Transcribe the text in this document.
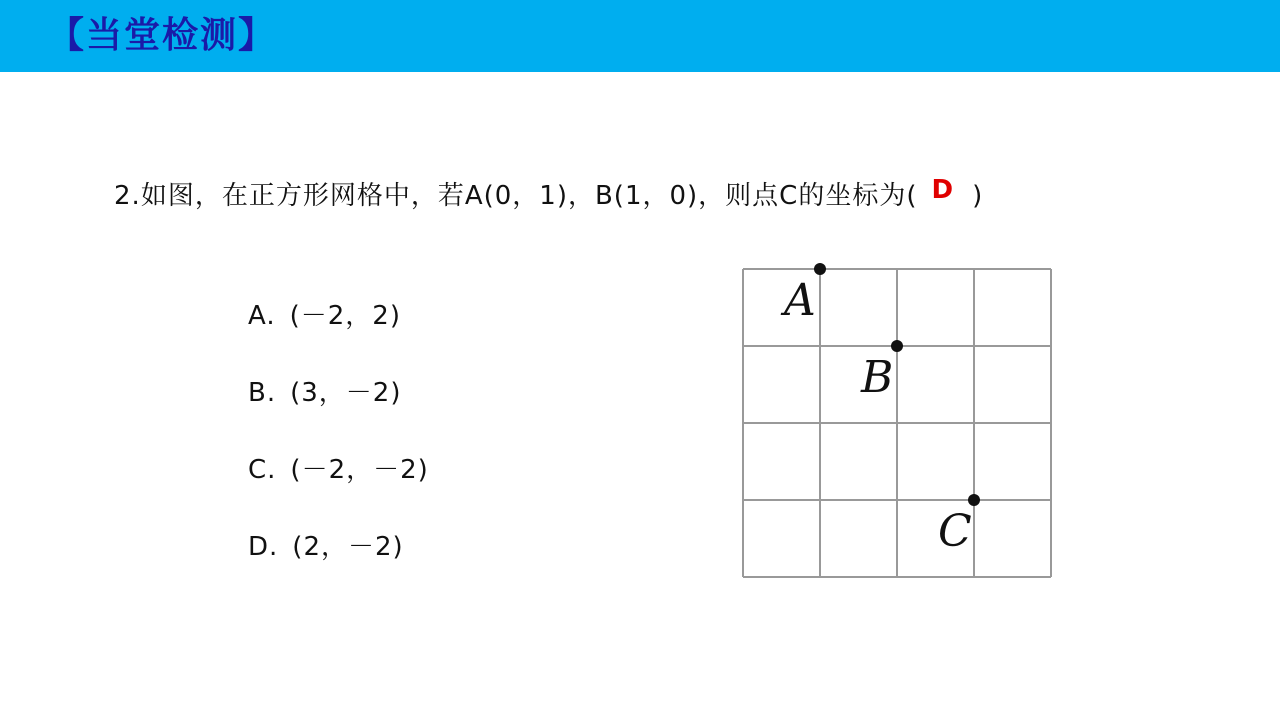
【当堂检测】
2.如图，在正方形网格中，若A(0，1)，B(1，0)，则点C的坐标为( D )
A. (－2，2)
B. (3，－2)
C. (－2，－2)
D. (2，－2)
A
B
C
